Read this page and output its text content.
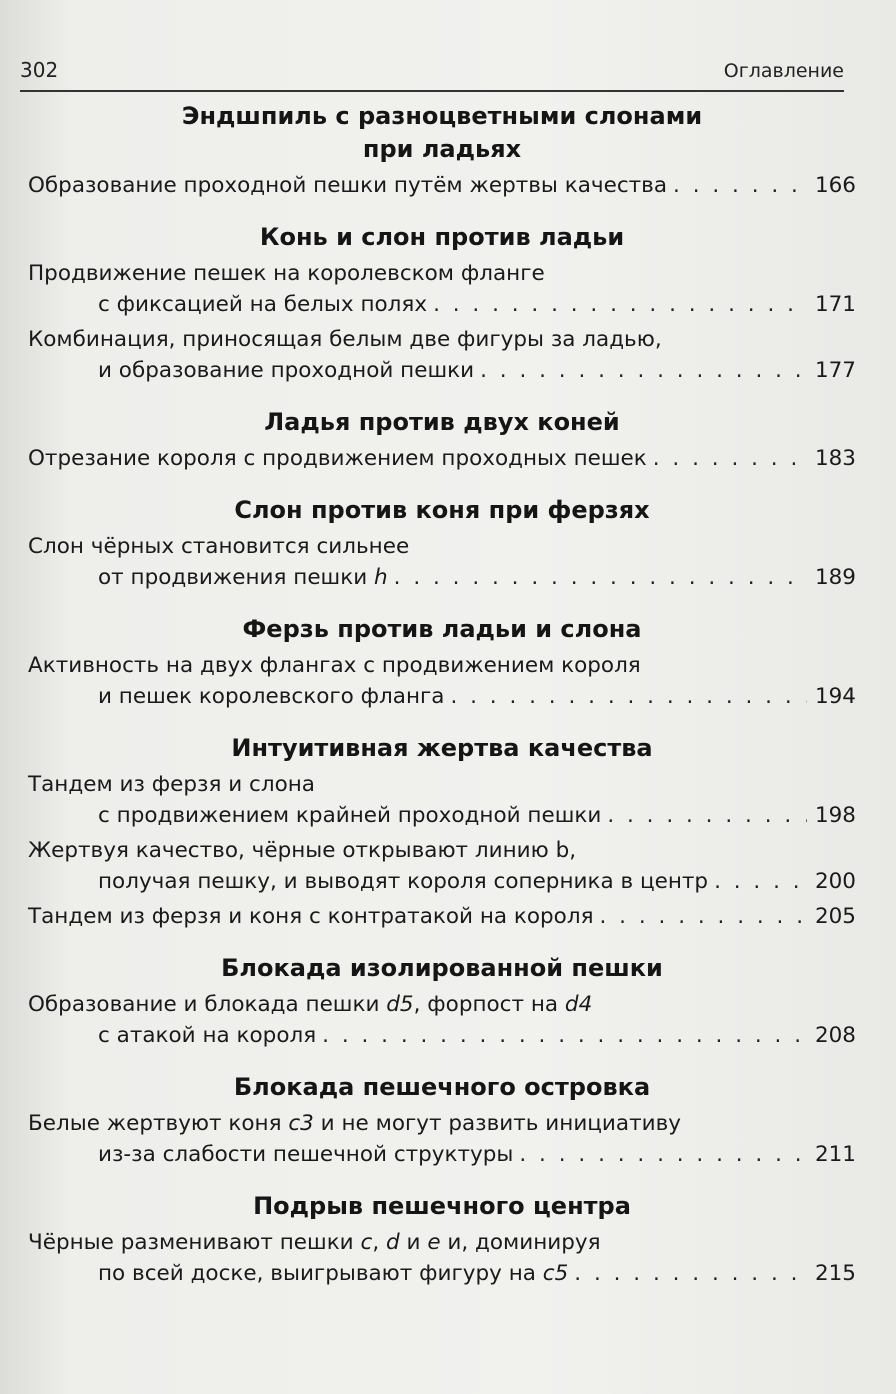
302	Оглавление
Эндшпиль с разноцветными слонами
при ладьях
Образование проходной пешки путём жертвы качества . . .	166
Конь и слон против ладьи
Продвижение пешек на королевском фланге
с фиксацией на белых полях . . .	171
Комбинация, приносящая белым две фигуры за ладью,
и образование проходной пешки . . .	177
Ладья против двух коней
Отрезание короля с продвижением проходных пешек . . .	183
Слон против коня при ферзях
Слон чёрных становится сильнее
от продвижения пешки h . . .	189
Ферзь против ладьи и слона
Активность на двух флангах с продвижением короля
и пешек королевского фланга . . .	194
Интуитивная жертва качества
Тандем из ферзя и слона
с продвижением крайней проходной пешки . . .	198
Жертвуя качество, чёрные открывают линию b,
получая пешку, и выводят короля соперника в центр . . .	200
Тандем из ферзя и коня с контратакой на короля . . .	205
Блокада изолированной пешки
Образование и блокада пешки d5, форпост на d4
с атакой на короля . . .	208
Блокада пешечного островка
Белые жертвуют коня c3 и не могут развить инициативу
из-за слабости пешечной структуры . . .	211
Подрыв пешечного центра
Чёрные разменивают пешки c, d и e и, доминируя
по всей доске, выигрывают фигуру на c5 . . .	215
